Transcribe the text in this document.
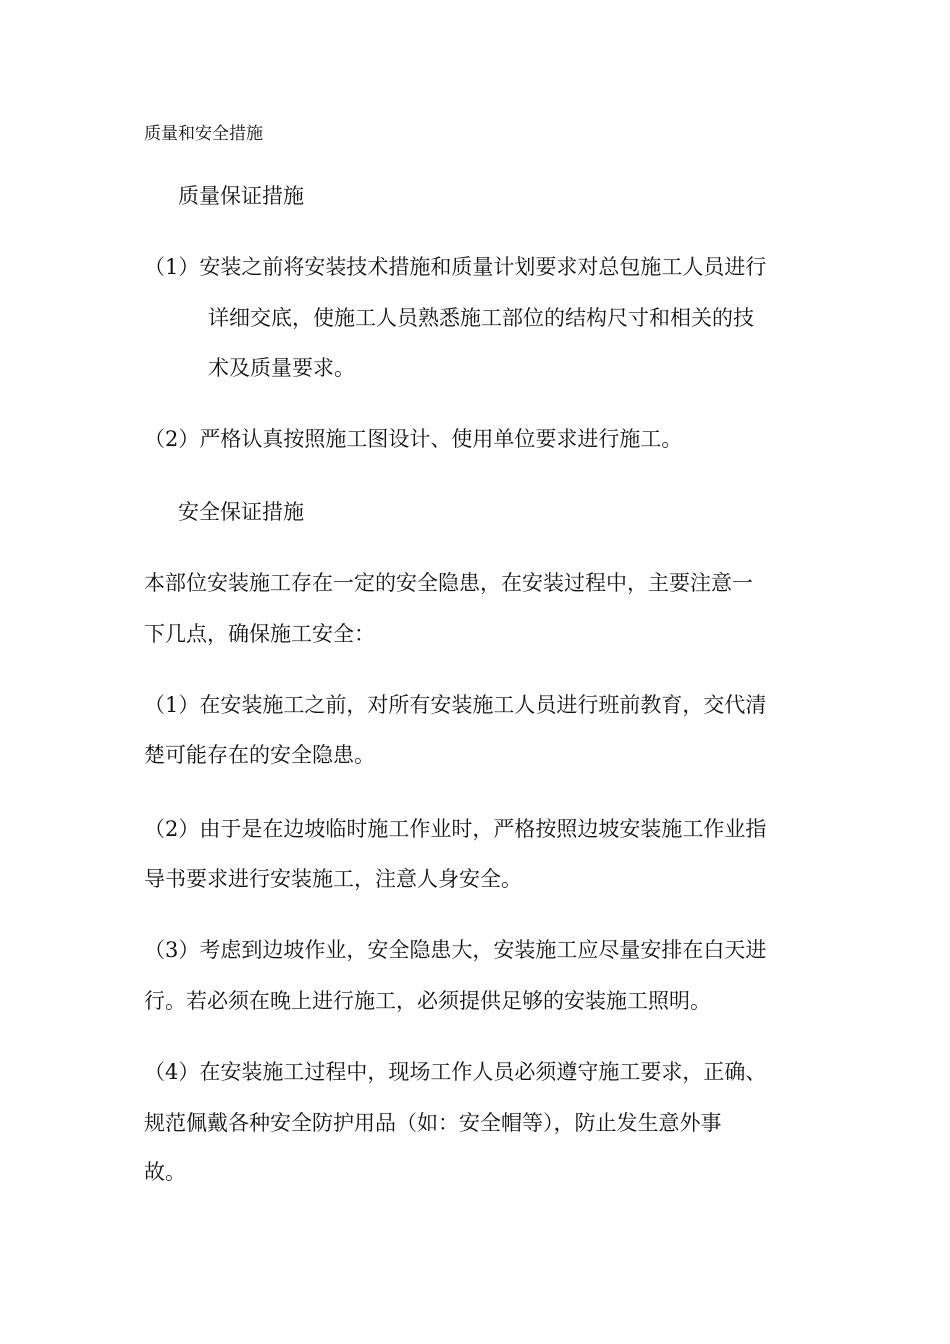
质量和安全措施
质量保证措施
（1）安装之前将安装技术措施和质量计划要求对总包施工人员进行
详细交底，使施工人员熟悉施工部位的结构尺寸和相关的技
术及质量要求。
（2）严格认真按照施工图设计、使用单位要求进行施工。
安全保证措施
本部位安装施工存在一定的安全隐患，在安装过程中，主要注意一
下几点，确保施工安全：
（1）在安装施工之前，对所有安装施工人员进行班前教育，交代清
楚可能存在的安全隐患。
（2）由于是在边坡临时施工作业时，严格按照边坡安装施工作业指
导书要求进行安装施工，注意人身安全。
（3）考虑到边坡作业，安全隐患大，安装施工应尽量安排在白天进
行。若必须在晚上进行施工，必须提供足够的安装施工照明。
（4）在安装施工过程中，现场工作人员必须遵守施工要求，正确、
规范佩戴各种安全防护用品（如：安全帽等），防止发生意外事
故。
